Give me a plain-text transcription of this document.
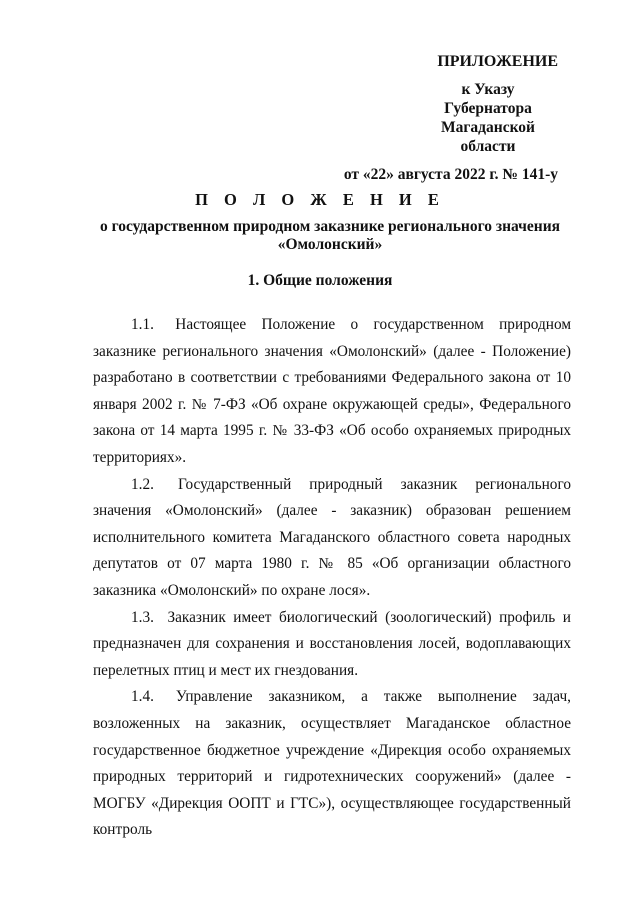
ПРИЛОЖЕНИЕ
к Указу Губернатора
Магаданской области
от «22» августа 2022 г. № 141-у
П О Л О Ж Е Н И Е
о государственном природном заказнике регионального значения
«Омолонский»
1. Общие положения

1.1. Настоящее Положение о государственном природном заказнике регионального значения «Омолонский» (далее - Положение) разработано в соответствии с требованиями Федерального закона от 10 января 2002 г. № 7-ФЗ «Об охране окружающей среды», Федерального закона от 14 марта 1995 г. № 33-ФЗ «Об особо охраняемых природных территориях».

1.2. Государственный природный заказник регионального значения «Омолонский» (далее - заказник) образован решением исполнительного комитета Магаданского областного совета народных депутатов от 07 марта 1980 г. № 85 «Об организации областного заказника «Омолонский» по охране лося».

1.3. Заказник имеет биологический (зоологический) профиль и предназначен для сохранения и восстановления лосей, водоплавающих перелетных птиц и мест их гнездования.

1.4. Управление заказником, а также выполнение задач, возложенных на заказник, осуществляет Магаданское областное государственное бюджетное учреждение «Дирекция особо охраняемых природных территорий и гидротехнических сооружений» (далее - МОГБУ «Дирекция ООПТ и ГТС»), осуществляющее государственный контроль
